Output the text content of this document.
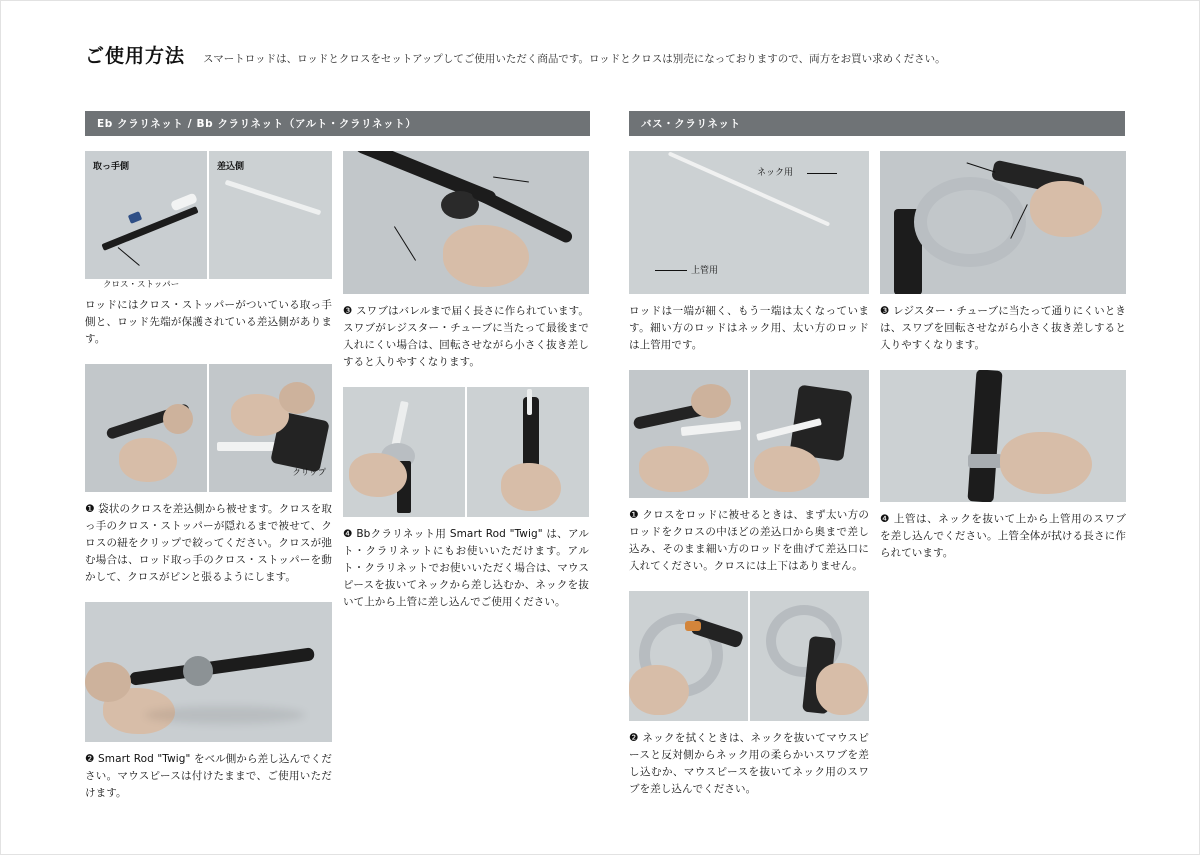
ご使用方法 スマートロッドは、ロッドとクロスをセットアップしてご使用いただく商品です。ロッドとクロスは別売になっておりますので、両方をお買い求めください。
Eb クラリネット / Bb クラリネット（アルト・クラリネット）
取っ手側	差込側
クロス・ストッパー
ロッドにはクロス・ストッパーがついている取っ手側と、ロッド先端が保護されている差込側があります。
クリップ
❶ 袋状のクロスを差込側から被せます。クロスを取っ手のクロス・ストッパーが隠れるまで被せて、クロスの紐をクリップで絞ってください。クロスが弛む場合は、ロッド取っ手のクロス・ストッパーを動かして、クロスがピンと張るようにします。
❷ Smart Rod "Twig" をベル側から差し込んでください。マウスピースは付けたままで、ご使用いただけます。
❸ スワブはバレルまで届く長さに作られています。スワブがレジスター・チューブに当たって最後まで入れにくい場合は、回転させながら小さく抜き差しすると入りやすくなります。
❹ Bbクラリネット用 Smart Rod "Twig" は、アルト・クラリネットにもお使いいただけます。アルト・クラリネットでお使いいただく場合は、マウスピースを抜いてネックから差し込むか、ネックを抜いて上から上管に差し込んでご使用ください。
バス・クラリネット
ネック用
上管用
ロッドは一端が細く、もう一端は太くなっています。細い方のロッドはネック用、太い方のロッドは上管用です。
❶ クロスをロッドに被せるときは、まず太い方のロッドをクロスの中ほどの差込口から奥まで差し込み、そのまま細い方のロッドを曲げて差込口に入れてください。クロスには上下はありません。
❷ ネックを拭くときは、ネックを抜いてマウスピースと反対側からネック用の柔らかいスワブを差し込むか、マウスピースを抜いてネック用のスワブを差し込んでください。
❸ レジスター・チューブに当たって通りにくいときは、スワブを回転させながら小さく抜き差しすると入りやすくなります。
❹ 上管は、ネックを抜いて上から上管用のスワブを差し込んでください。上管全体が拭ける長さに作られています。
